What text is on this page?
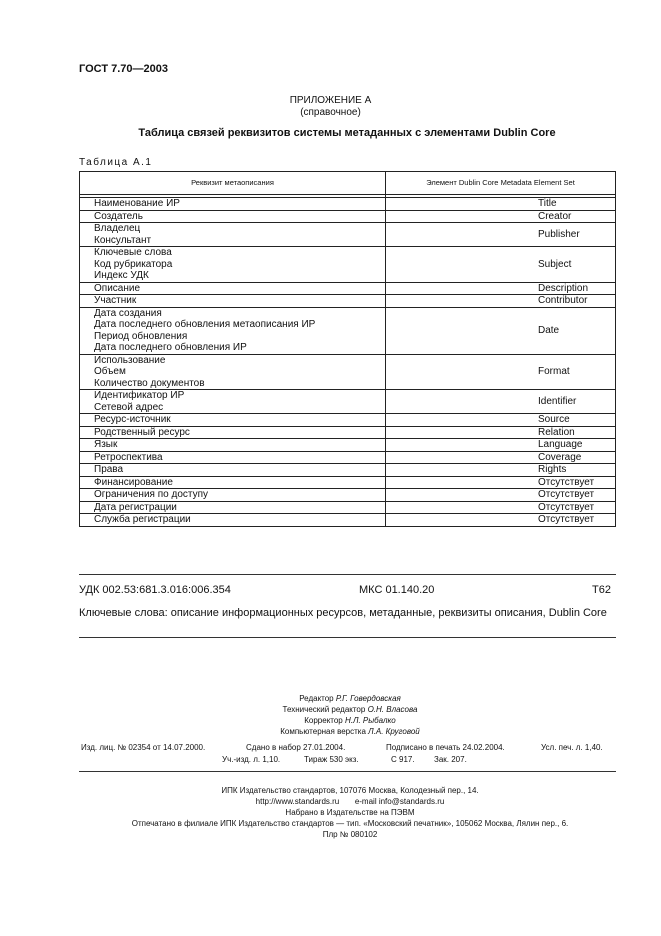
ГОСТ 7.70—2003
ПРИЛОЖЕНИЕ А
(справочное)
Таблица связей реквизитов системы метаданных с элементами Dublin Core
Таблица А.1
Реквизит метаописания	Элемент Dublin Core Metadata Element Set

Наименование ИР	Title

Создатель	Creator

Владелец
Консультант	Publisher

Ключевые слова
Код рубрикатора
Индекс УДК	Subject

Описание	Description

Участник	Contributor

Дата создания
Дата последнего обновления метаописания ИР
Период обновления
Дата последнего обновления ИР	Date

Использование
Объем
Количество документов	Format

Идентификатор ИР
Сетевой адрес	Identifier

Ресурс-источник	Source

Родственный ресурс	Relation

Язык	Language

Ретроспектива	Coverage

Права	Rights

Финансирование	Отсутствует

Ограничения по доступу	Отсутствует

Дата регистрации	Отсутствует

Служба регистрации	Отсутствует
УДК 002.53:681.3.016:006.354	МКС 01.140.20	Т62
Ключевые слова: описание информационных ресурсов, метаданные, реквизиты описания, Dublin Core
Редактор Р.Г. Говердовская
Технический редактор О.Н. Власова
Корректор Н.Л. Рыбалко
Компьютерная верстка Л.А. Круговой
Изд. лиц. № 02354 от 14.07.2000.	Сдано в набор 27.01.2004.	Подписано в печать 24.02.2004.	Усл. печ. л. 1,40.
Уч.-изд. л. 1,10.	Тираж 530 экз.	С 917. Зак. 207.
ИПК Издательство стандартов, 107076 Москва, Колодезный пер., 14.
http://www.standards.ru e-mail info@standards.ru
Набрано в Издательстве на ПЭВМ
Отпечатано в филиале ИПК Издательство стандартов — тип. «Московский печатник», 105062 Москва, Лялин пер., 6.
Плр № 080102
